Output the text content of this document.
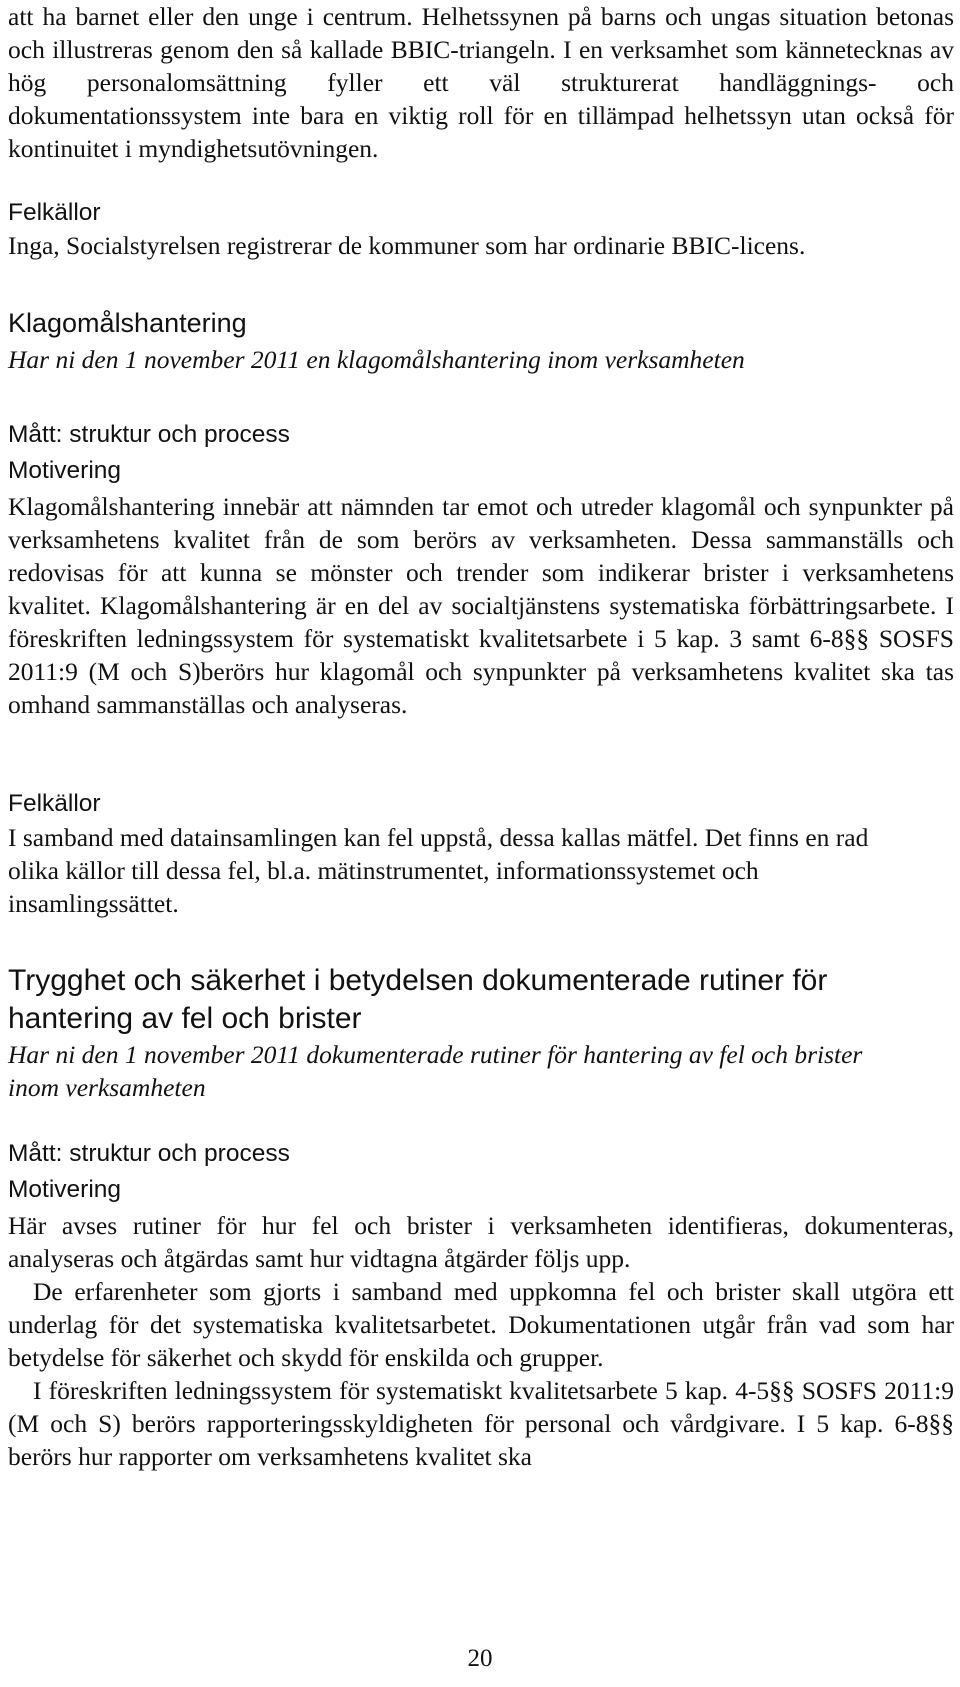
att ha barnet eller den unge i centrum. Helhetssynen på barns och ungas situation betonas och illustreras genom den så kallade BBIC-triangeln. I en verksamhet som kännetecknas av hög personalomsättning fyller ett väl strukturerat handläggnings- och dokumentationssystem inte bara en viktig roll för en tillämpad helhetssyn utan också för kontinuitet i myndighetsutövningen.

Felkällor

Inga, Socialstyrelsen registrerar de kommuner som har ordinarie BBIC-licens.

Klagomålshantering

Har ni den 1 november 2011 en klagomålshantering inom verksamheten

Mått: struktur och process
Motivering

Klagomålshantering innebär att nämnden tar emot och utreder klagomål och synpunkter på verksamhetens kvalitet från de som berörs av verksamheten. Dessa sammanställs och redovisas för att kunna se mönster och trender som indikerar brister i verksamhetens kvalitet. Klagomålshantering är en del av socialtjänstens systematiska förbättringsarbete. I föreskriften ledningssystem för systematiskt kvalitetsarbete i 5 kap. 3 samt 6-8§§ SOSFS 2011:9 (M och S)berörs hur klagomål och synpunkter på verksamhetens kvalitet ska tas omhand sammanställas och analyseras.

Felkällor

I samband med datainsamlingen kan fel uppstå, dessa kallas mätfel. Det finns en rad olika källor till dessa fel, bl.a. mätinstrumentet, informationssystemet och insamlingssättet.

Trygghet och säkerhet i betydelsen dokumenterade rutiner för hantering av fel och brister

Har ni den 1 november 2011 dokumenterade rutiner för hantering av fel och brister inom verksamheten

Mått: struktur och process
Motivering

Här avses rutiner för hur fel och brister i verksamheten identifieras, dokumenteras, analyseras och åtgärdas samt hur vidtagna åtgärder följs upp.

De erfarenheter som gjorts i samband med uppkomna fel och brister skall utgöra ett underlag för det systematiska kvalitetsarbetet. Dokumentationen utgår från vad som har betydelse för säkerhet och skydd för enskilda och grupper.

I föreskriften ledningssystem för systematiskt kvalitetsarbete 5 kap. 4-5§§ SOSFS 2011:9 (M och S) berörs rapporteringsskyldigheten för personal och vårdgivare. I 5 kap. 6-8§§ berörs hur rapporter om verksamhetens kvalitet ska

20
